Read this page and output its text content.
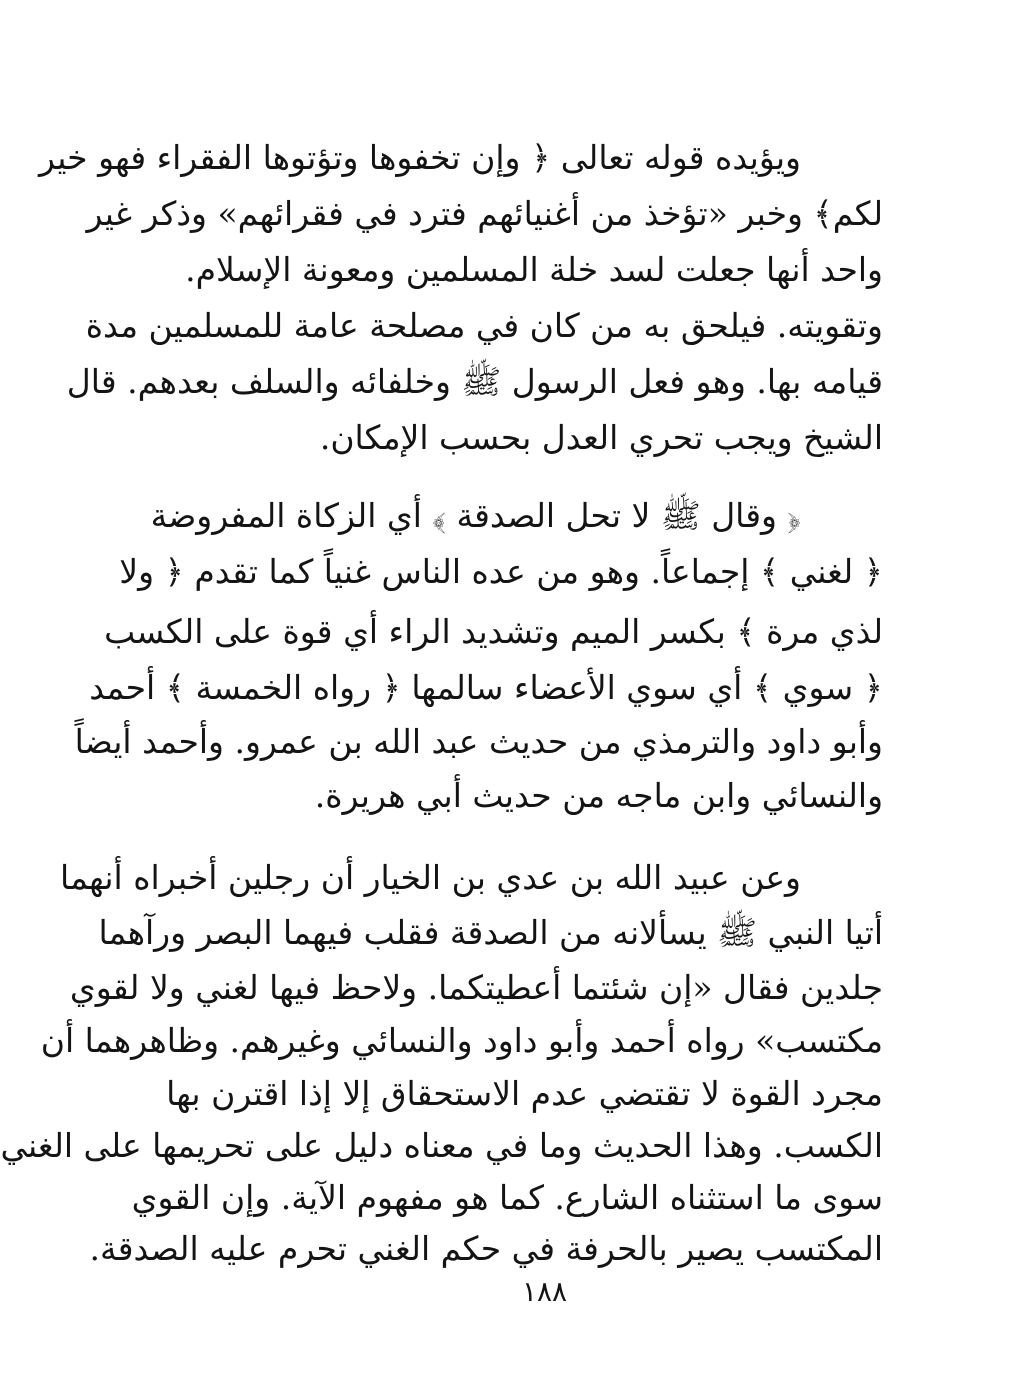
ويؤيده قوله تعالى ﴿ وإن تخفوها وتؤتوها الفقراء فهو خير
لكم﴾ وخبر «تؤخذ من أغنيائهم فترد في فقرائهم» وذكر غير
واحد أنها جعلت لسد خلة المسلمين ومعونة الإسلام.
وتقويته. فيلحق به من كان في مصلحة عامة للمسلمين مدة
قيامه بها. وهو فعل الرسول ﷺ وخلفائه والسلف بعدهم. قال
الشيخ ويجب تحري العدل بحسب الإمكان.
﴿ وقال ﷺ لا تحل الصدقة ﴾ أي الزكاة المفروضة
﴿ لغني ﴾ إجماعاً. وهو من عده الناس غنياً كما تقدم ﴿ ولا
لذي مرة ﴾ بكسر الميم وتشديد الراء أي قوة على الكسب
﴿ سوي ﴾ أي سوي الأعضاء سالمها ﴿ رواه الخمسة ﴾ أحمد
وأبو داود والترمذي من حديث عبد الله بن عمرو. وأحمد أيضاً
والنسائي وابن ماجه من حديث أبي هريرة.
وعن عبيد الله بن عدي بن الخيار أن رجلين أخبراه أنهما
أتيا النبي ﷺ يسألانه من الصدقة فقلب فيهما البصر ورآهما
جلدين فقال «إن شئتما أعطيتكما. ولاحظ فيها لغني ولا لقوي
مكتسب» رواه أحمد وأبو داود والنسائي وغيرهم. وظاهرهما أن
مجرد القوة لا تقتضي عدم الاستحقاق إلا إذا اقترن بها
الكسب. وهذا الحديث وما في معناه دليل على تحريمها على الغني
سوى ما استثناه الشارع. كما هو مفهوم الآية. وإن القوي
المكتسب يصير بالحرفة في حكم الغني تحرم عليه الصدقة.
١٨٨
